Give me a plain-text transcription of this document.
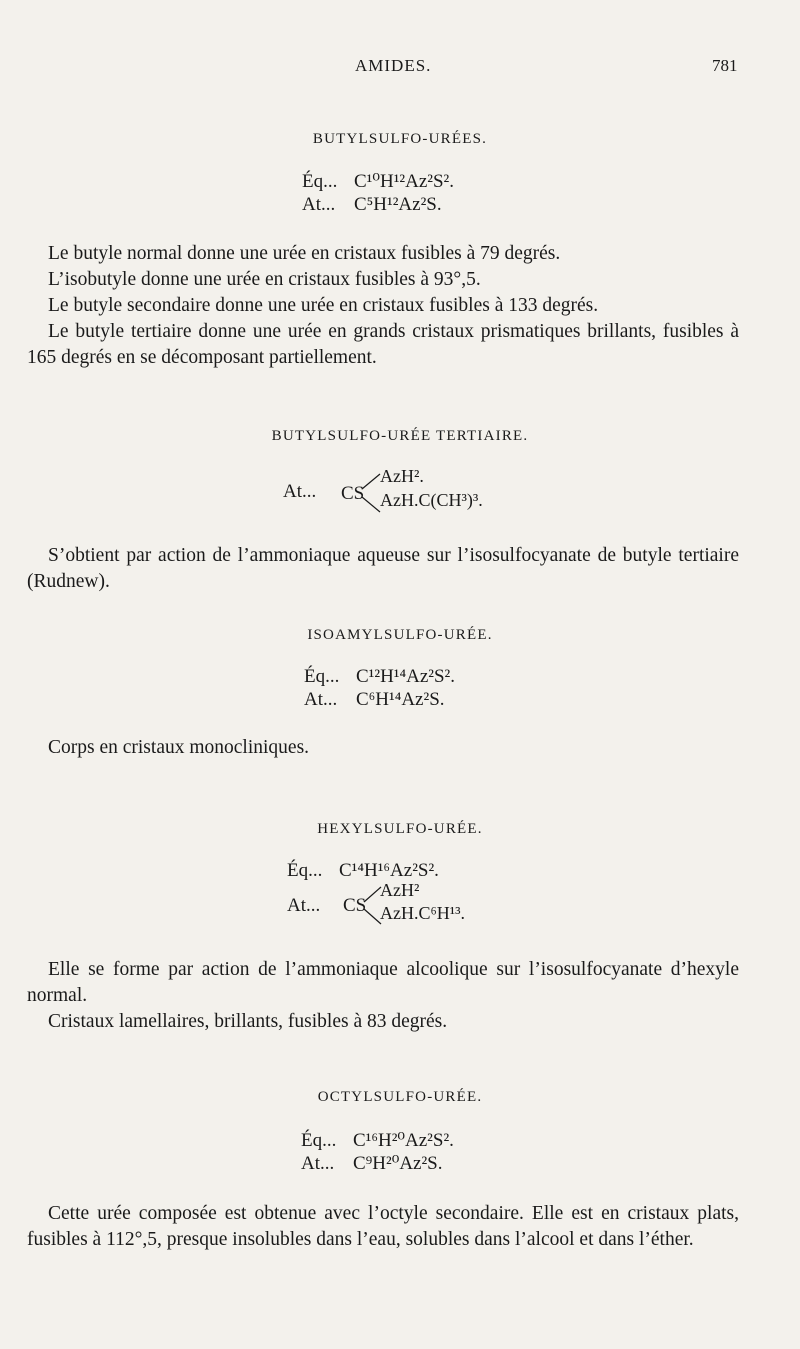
AMIDES.	781
BUTYLSULFO-URÉES.
Éq... C¹⁰H¹²Az²S².
At... C⁵H¹²Az²S.
Le butyle normal donne une urée en cristaux fusibles à 79 degrés.
L’isobutyle donne une urée en cristaux fusibles à 93°,5.
Le butyle secondaire donne une urée en cristaux fusibles à 133 degrés.
Le butyle tertiaire donne une urée en grands cristaux prismatiques brillants, fusibles à 165 degrés en se décomposant partiellement.
BUTYLSULFO-URÉE TERTIAIRE.
At... CS
AzH².
AzH.C(CH³)³.
S’obtient par action de l’ammoniaque aqueuse sur l’isosulfocyanate de butyle tertiaire (Rudnew).
ISOAMYLSULFO-URÉE.
Éq... C¹²H¹⁴Az²S².
At... C⁶H¹⁴Az²S.
Corps en cristaux monocliniques.
HEXYLSULFO-URÉE.
Éq... C¹⁴H¹⁶Az²S².
At... CS
AzH²
AzH.C⁶H¹³.
Elle se forme par action de l’ammoniaque alcoolique sur l’isosulfocyanate d’hexyle normal.
Cristaux lamellaires, brillants, fusibles à 83 degrés.
OCTYLSULFO-URÉE.
Éq... C¹⁶H²⁰Az²S².
At... C⁹H²⁰Az²S.
Cette urée composée est obtenue avec l’octyle secondaire. Elle est en cristaux plats, fusibles à 112°,5, presque insolubles dans l’eau, solubles dans l’alcool et dans l’éther.
